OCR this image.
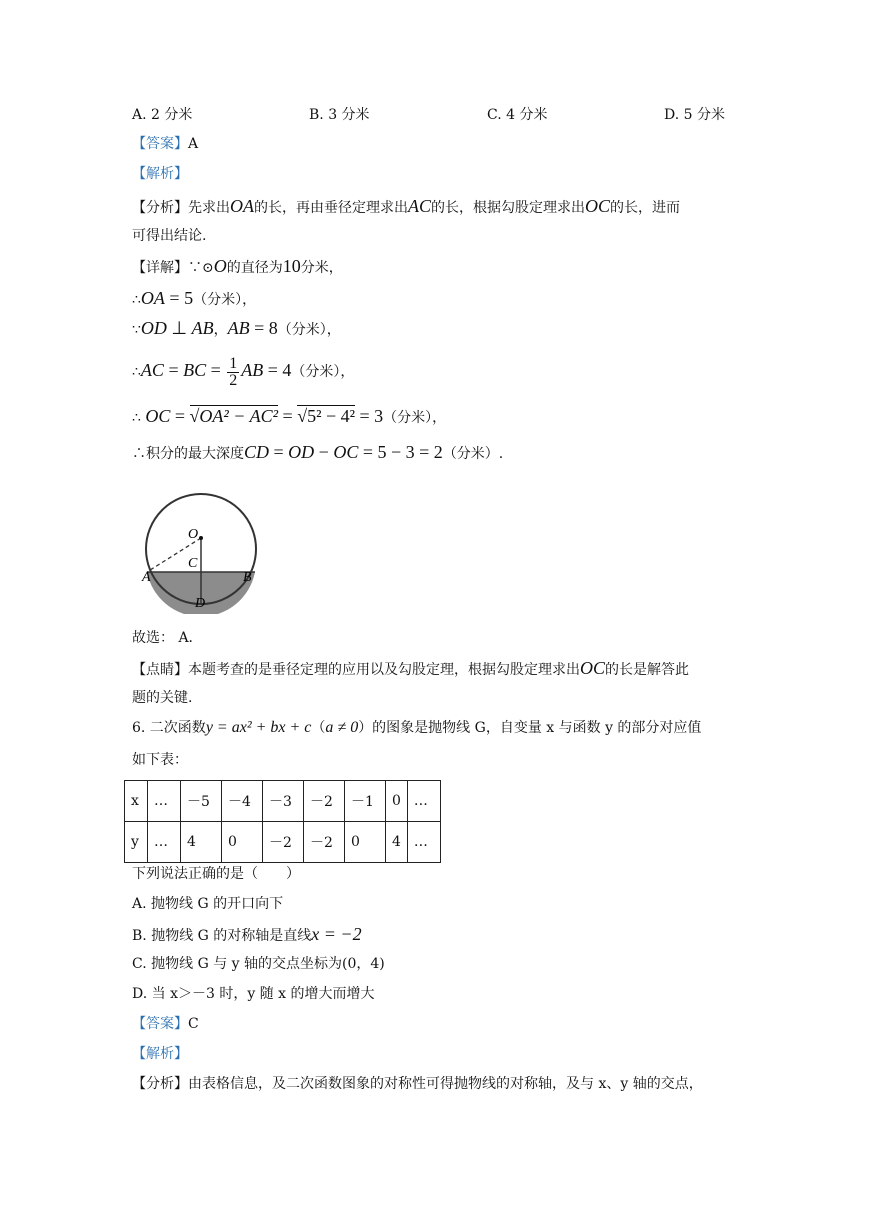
A. 2 分米	B. 3 分米	C. 4 分米	D. 5 分米
【答案】A
【解析】
【分析】先求出OA的长，再由垂径定理求出AC的长，根据勾股定理求出OC的长，进而
可得出结论.
【详解】∵⊙O的直径为10分米，
∴OA = 5（分米），
∵OD ⊥ AB，AB = 8（分米），
∴AC = BC = $\frac{1}{2}$ AB = 4（分米），
∴ OC = √OA² − AC² = √5² − 4² = 3（分米），
∴积分的最大深度CD = OD − OC = 5 − 3 = 2（分米）.
O
C
A	B
D
故选： A．
【点睛】本题考查的是垂径定理的应用以及勾股定理，根据勾股定理求出OC的长是解答此
题的关键.
6. 二次函数y = ax² + bx + c（a ≠ 0）的图象是抛物线 G，自变量 x 与函数 y 的部分对应值
如下表：
x	…	－5	－4	－3	－2	－1	0	…
y	…	4	0	－2	－2	0	4	…
下列说法正确的是（　　）
A. 抛物线 G 的开口向下
B. 抛物线 G 的对称轴是直线x = −2
C. 抛物线 G 与 y 轴的交点坐标为(0，4)
D. 当 x＞－3 时，y 随 x 的增大而增大
【答案】C
【解析】
【分析】由表格信息，及二次函数图象的对称性可得抛物线的对称轴，及与 x、y 轴的交点，
